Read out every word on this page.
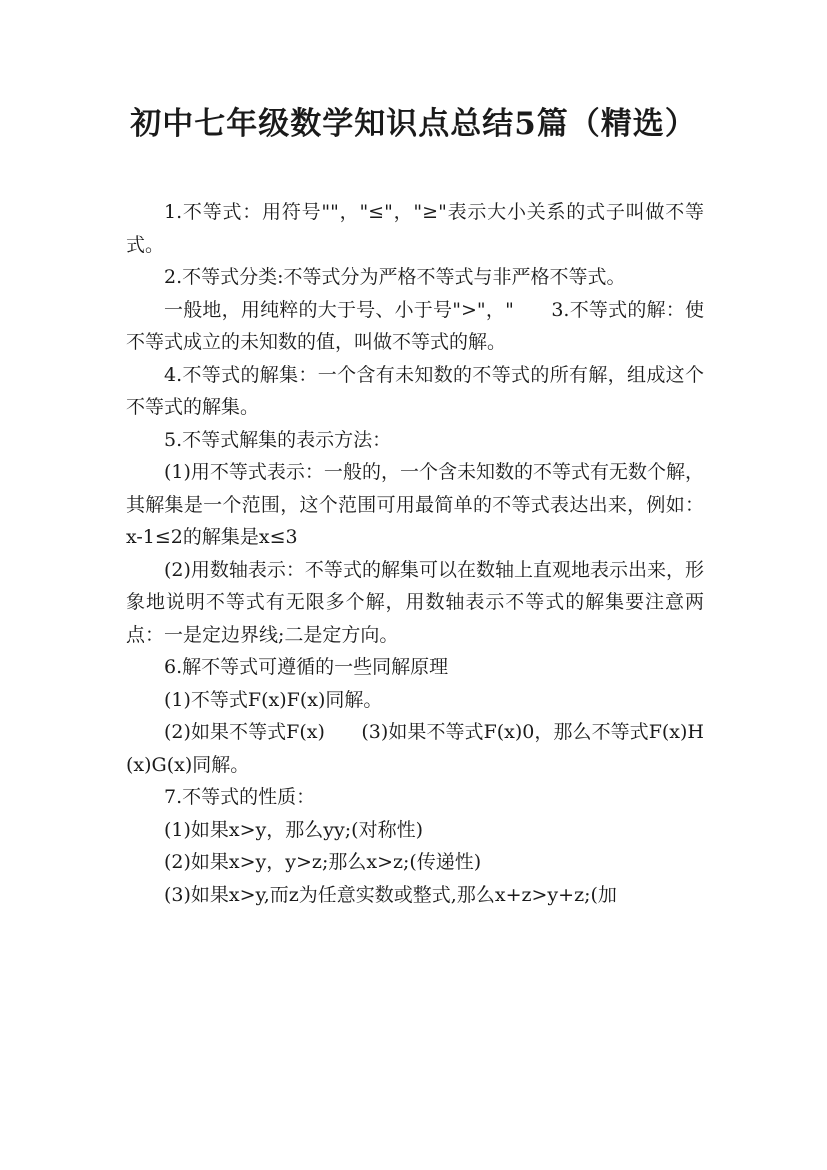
初中七年级数学知识点总结5篇（精选）

1.不等式：用符号""，"≤"，"≥"表示大小关系的式子叫做不等式。

2.不等式分类:不等式分为严格不等式与非严格不等式。

一般地，用纯粹的大于号、小于号">"，"      3.不等式的解：使不等式成立的未知数的值，叫做不等式的解。

4.不等式的解集：一个含有未知数的不等式的所有解，组成这个不等式的解集。

5.不等式解集的表示方法：

(1)用不等式表示：一般的，一个含未知数的不等式有无数个解，其解集是一个范围，这个范围可用最简单的不等式表达出来，例如：x-1≤2的解集是x≤3

(2)用数轴表示：不等式的解集可以在数轴上直观地表示出来，形象地说明不等式有无限多个解，用数轴表示不等式的解集要注意两点：一是定边界线;二是定方向。

6.解不等式可遵循的一些同解原理

(1)不等式F(x)F(x)同解。

(2)如果不等式F(x)      (3)如果不等式F(x)0，那么不等式F(x)H(x)G(x)同解。

7.不等式的性质：

(1)如果x>y，那么yy;(对称性)

(2)如果x>y，y>z;那么x>z;(传递性)

(3)如果x>y,而z为任意实数或整式,那么x+z>y+z;(加
